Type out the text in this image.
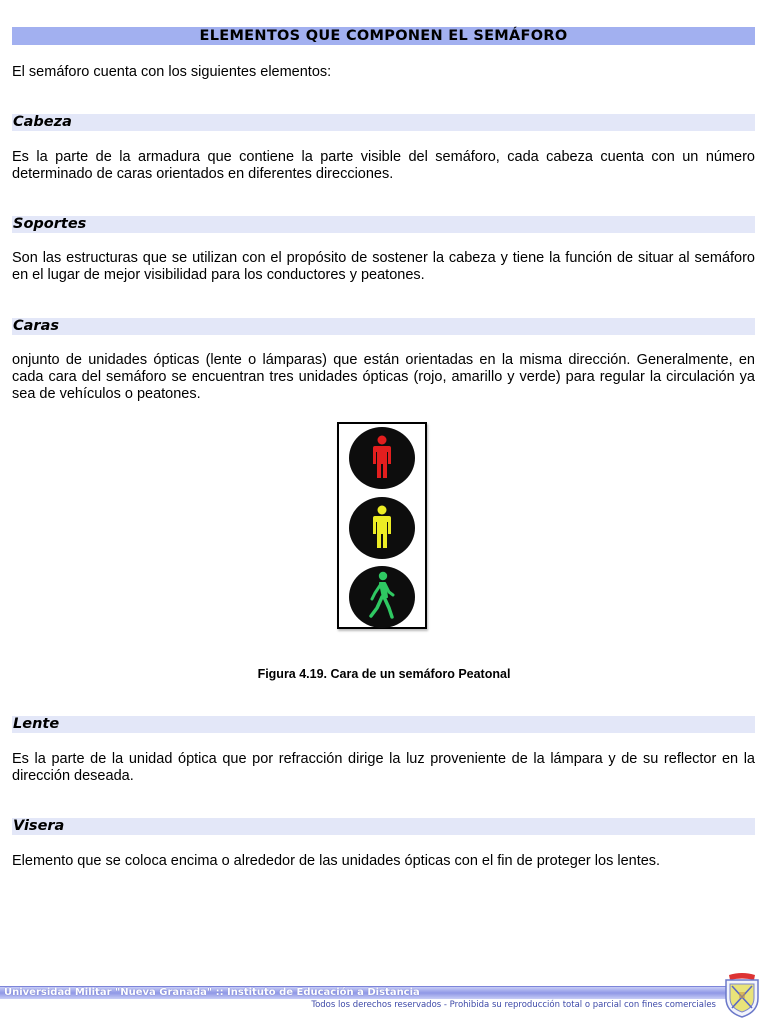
ELEMENTOS QUE COMPONEN EL SEMÁFORO

El semáforo cuenta con los siguientes elementos:

Cabeza

Es la parte de la armadura que contiene la parte visible del semáforo, cada cabeza cuenta con un número determinado de caras orientados en diferentes direcciones.

Soportes

Son las estructuras que se utilizan con el propósito de sostener la cabeza y tiene la función de situar al semáforo en el lugar de mejor visibilidad para los conductores y peatones.

Caras

onjunto de unidades ópticas (lente o lámparas) que están orientadas en la misma dirección. Generalmente, en cada cara del semáforo se encuentran tres unidades ópticas (rojo, amarillo y verde) para regular la circulación ya sea de vehículos o peatones.

Figura 4.19. Cara de un semáforo Peatonal
Lente

Es la parte de la unidad óptica que por refracción dirige la luz proveniente de la lámpara y de su reflector en la dirección deseada.

Visera

Elemento que se coloca encima o alrededor de las unidades ópticas con el fin de proteger los lentes.

Universidad Militar "Nueva Granada" :: Instituto de Educación a Distancia
Todos los derechos reservados - Prohibida su reproducción total o parcial con fines comerciales
